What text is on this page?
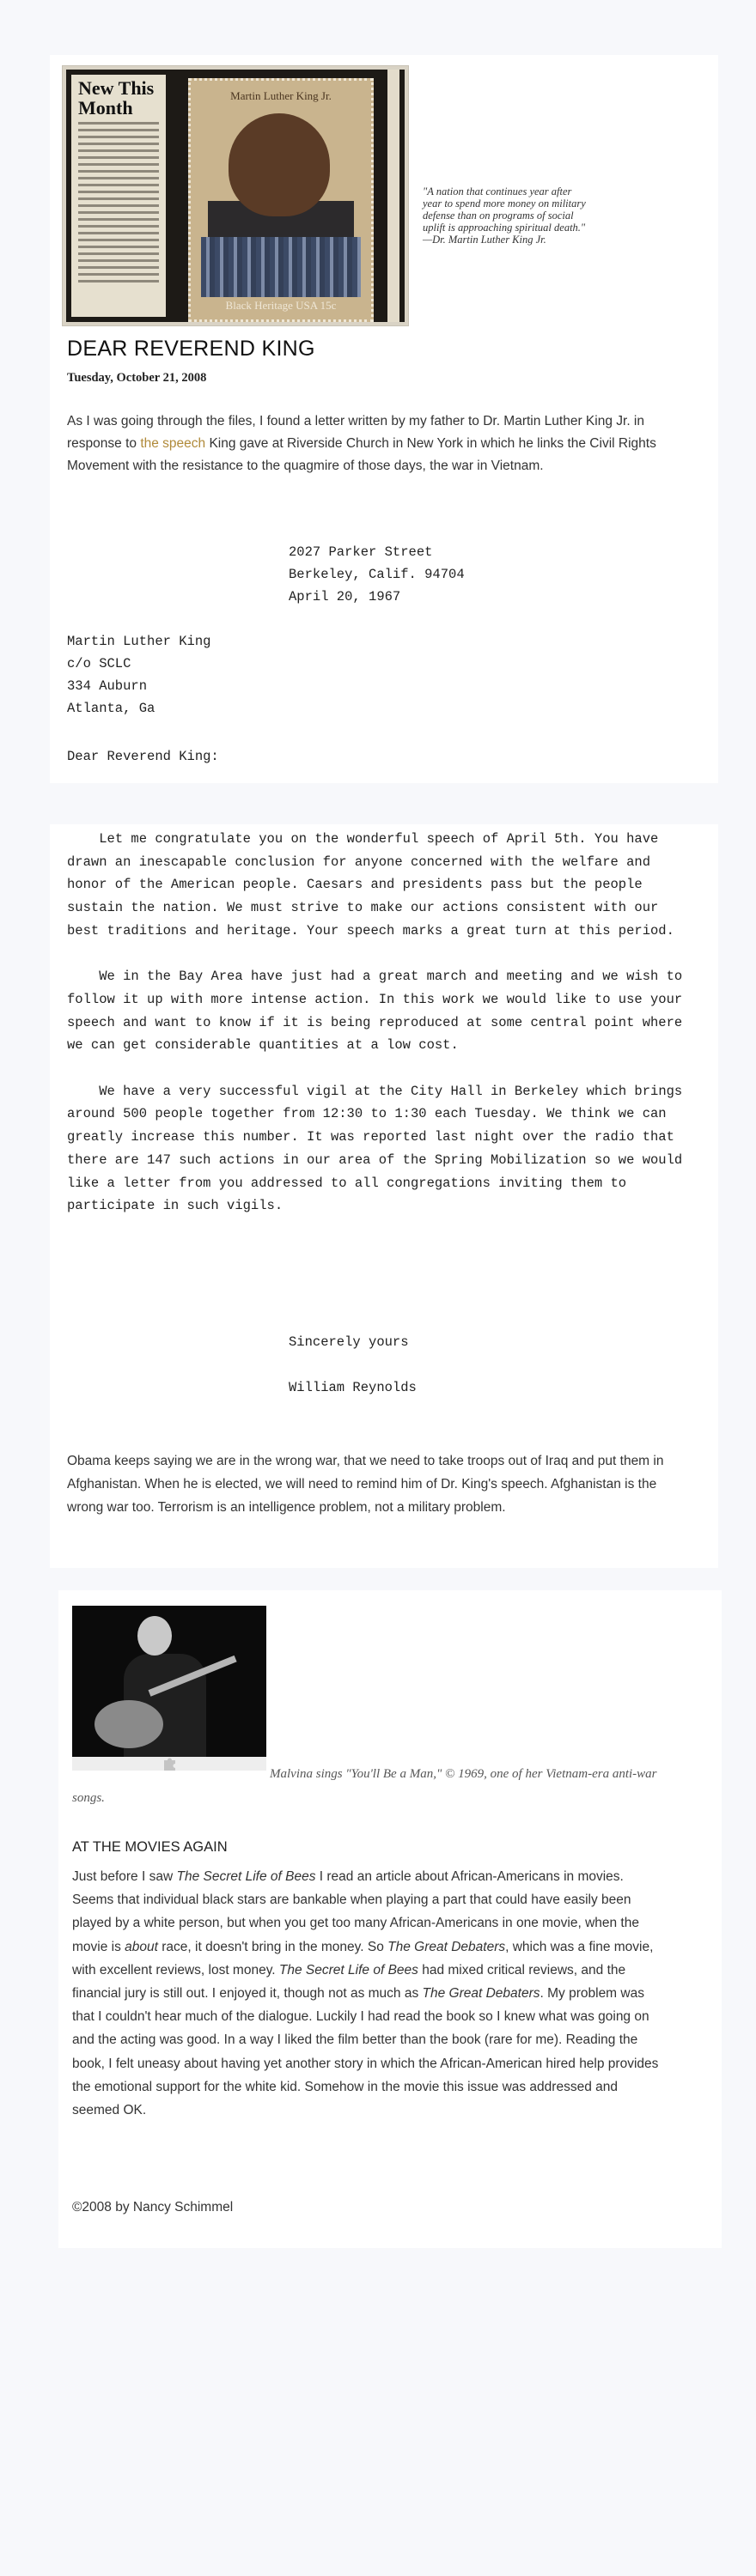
New This
Month
Martin Luther King Jr.
Black Heritage USA 15c
"A nation that continues year after
year to spend more money on military
defense than on programs of social
uplift is approaching spiritual death."
—Dr. Martin Luther King Jr.
DEAR REVEREND KING
Tuesday, October 21, 2008
As I was going through the files, I found a letter written by my father to Dr. Martin Luther King Jr. in response to the speech King gave at Riverside Church in New York in which he links the Civil Rights Movement with the resistance to the quagmire of those days, the war in Vietnam.
2027 Parker Street
Berkeley, Calif. 94704
April 20, 1967
Martin Luther King
c/o SCLC
334 Auburn
Atlanta, Ga
Dear Reverend King:

Let me congratulate you on the wonderful speech of April 5th. You have drawn an inescapable conclusion for anyone concerned with the welfare and honor of the American people. Caesars and presidents pass but the people sustain the nation. We must strive to make our actions consistent with our best traditions and heritage. Your speech marks a great turn at this period.

We in the Bay Area have just had a great march and meeting and we wish to follow it up with more intense action. In this work we would like to use your speech and want to know if it is being reproduced at some central point where we can get considerable quantities at a low cost.

We have a very successful vigil at the City Hall in Berkeley which brings around 500 people together from 12:30 to 1:30 each Tuesday. We think we can greatly increase this number. It was reported last night over the radio that there are 147 such actions in our area of the Spring Mobilization so we would like a letter from you addressed to all congregations inviting them to participate in such vigils.

Sincerely yours
William Reynolds
Obama keeps saying we are in the wrong war, that we need to take troops out of Iraq and put them in Afghanistan. When he is elected, we will need to remind him of Dr. King's speech. Afghanistan is the wrong war too. Terrorism is an intelligence problem, not a military problem.
Malvina sings "You'll Be a Man," © 1969, one of her Vietnam-era anti-war songs.
AT THE MOVIES AGAIN

Just before I saw The Secret Life of Bees I read an article about African-Americans in movies. Seems that individual black stars are bankable when playing a part that could have easily been played by a white person, but when you get too many African-Americans in one movie, when the movie is about race, it doesn't bring in the money. So The Great Debaters, which was a fine movie, with excellent reviews, lost money. The Secret Life of Bees had mixed critical reviews, and the financial jury is still out. I enjoyed it, though not as much as The Great Debaters. My problem was that I couldn't hear much of the dialogue. Luckily I had read the book so I knew what was going on and the acting was good. In a way I liked the film better than the book (rare for me). Reading the book, I felt uneasy about having yet another story in which the African-American hired help provides the emotional support for the white kid. Somehow in the movie this issue was addressed and seemed OK.

©2008 by Nancy Schimmel
